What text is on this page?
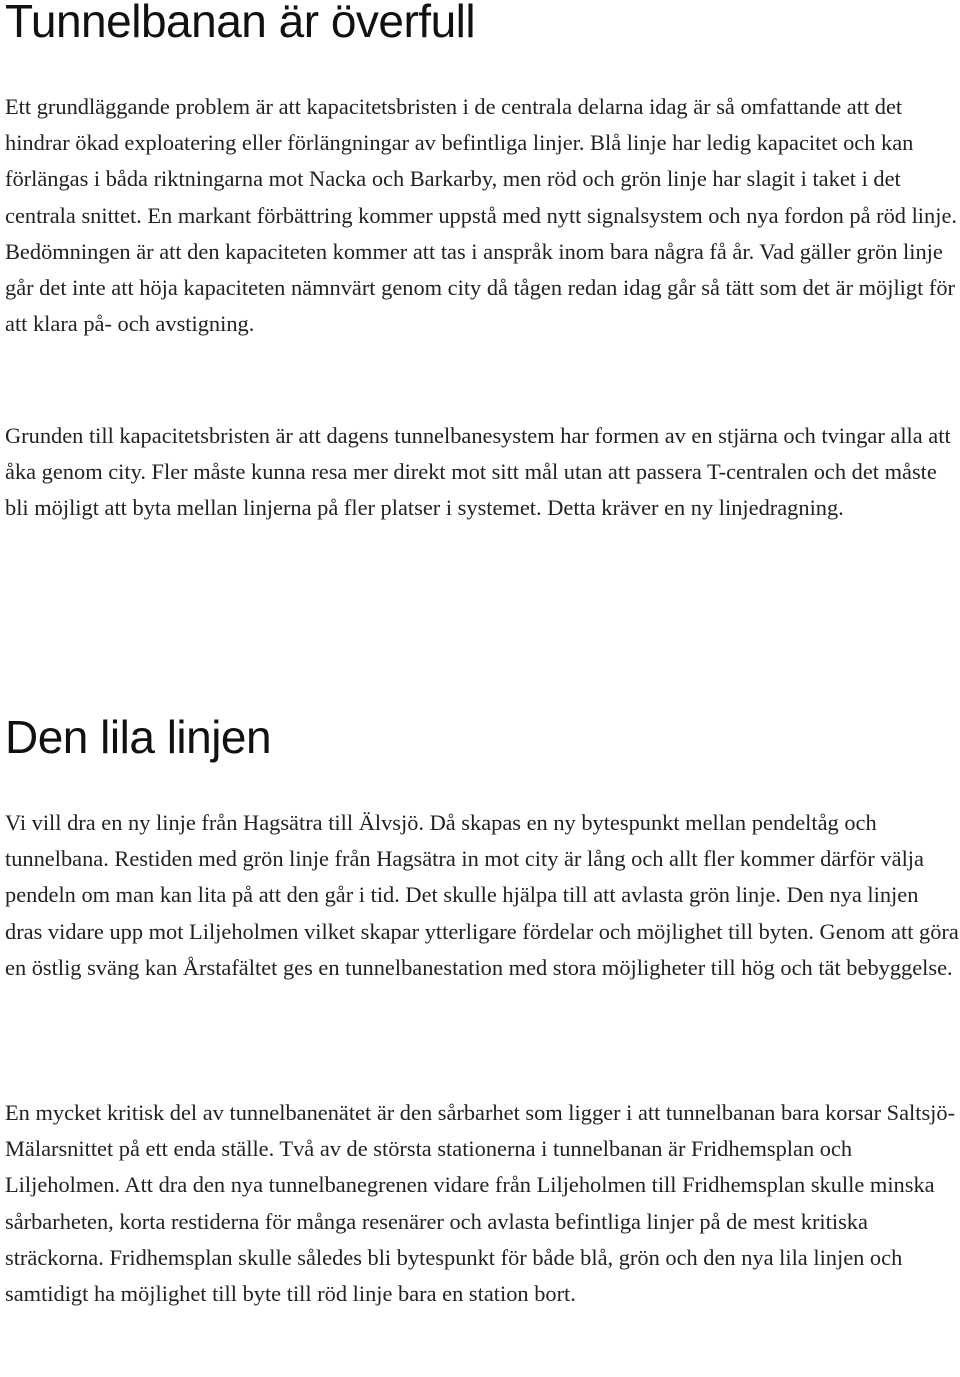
Tunnelbanan är överfull

Ett grundläggande problem är att kapacitetsbristen i de centrala delarna idag är så omfattande att det hindrar ökad exploatering eller förlängningar av befintliga linjer. Blå linje har ledig kapacitet och kan förlängas i båda riktningarna mot Nacka och Barkarby, men röd och grön linje har slagit i taket i det centrala snittet. En markant förbättring kommer uppstå med nytt signalsystem och nya fordon på röd linje. Bedömningen är att den kapaciteten kommer att tas i anspråk inom bara några få år. Vad gäller grön linje går det inte att höja kapaciteten nämnvärt genom city då tågen redan idag går så tätt som det är möjligt för att klara på- och avstigning.

Grunden till kapacitetsbristen är att dagens tunnelbanesystem har formen av en stjärna och tvingar alla att åka genom city. Fler måste kunna resa mer direkt mot sitt mål utan att passera T-centralen och det måste bli möjligt att byta mellan linjerna på fler platser i systemet. Detta kräver en ny linjedragning.

Den lila linjen

Vi vill dra en ny linje från Hagsätra till Älvsjö. Då skapas en ny bytespunkt mellan pendeltåg och tunnelbana. Restiden med grön linje från Hagsätra in mot city är lång och allt fler kommer därför välja pendeln om man kan lita på att den går i tid. Det skulle hjälpa till att avlasta grön linje. Den nya linjen dras vidare upp mot Liljeholmen vilket skapar ytterligare fördelar och möjlighet till byten. Genom att göra en östlig sväng kan Årstafältet ges en tunnelbanestation med stora möjligheter till hög och tät bebyggelse.

En mycket kritisk del av tunnelbanenätet är den sårbarhet som ligger i att tunnelbanan bara korsar Saltsjö-Mälarsnittet på ett enda ställe. Två av de största stationerna i tunnelbanan är Fridhemsplan och Liljeholmen. Att dra den nya tunnelbanegrenen vidare från Liljeholmen till Fridhemsplan skulle minska sårbarheten, korta restiderna för många resenärer och avlasta befintliga linjer på de mest kritiska sträckorna. Fridhemsplan skulle således bli bytespunkt för både blå, grön och den nya lila linjen och samtidigt ha möjlighet till byte till röd linje bara en station bort.
